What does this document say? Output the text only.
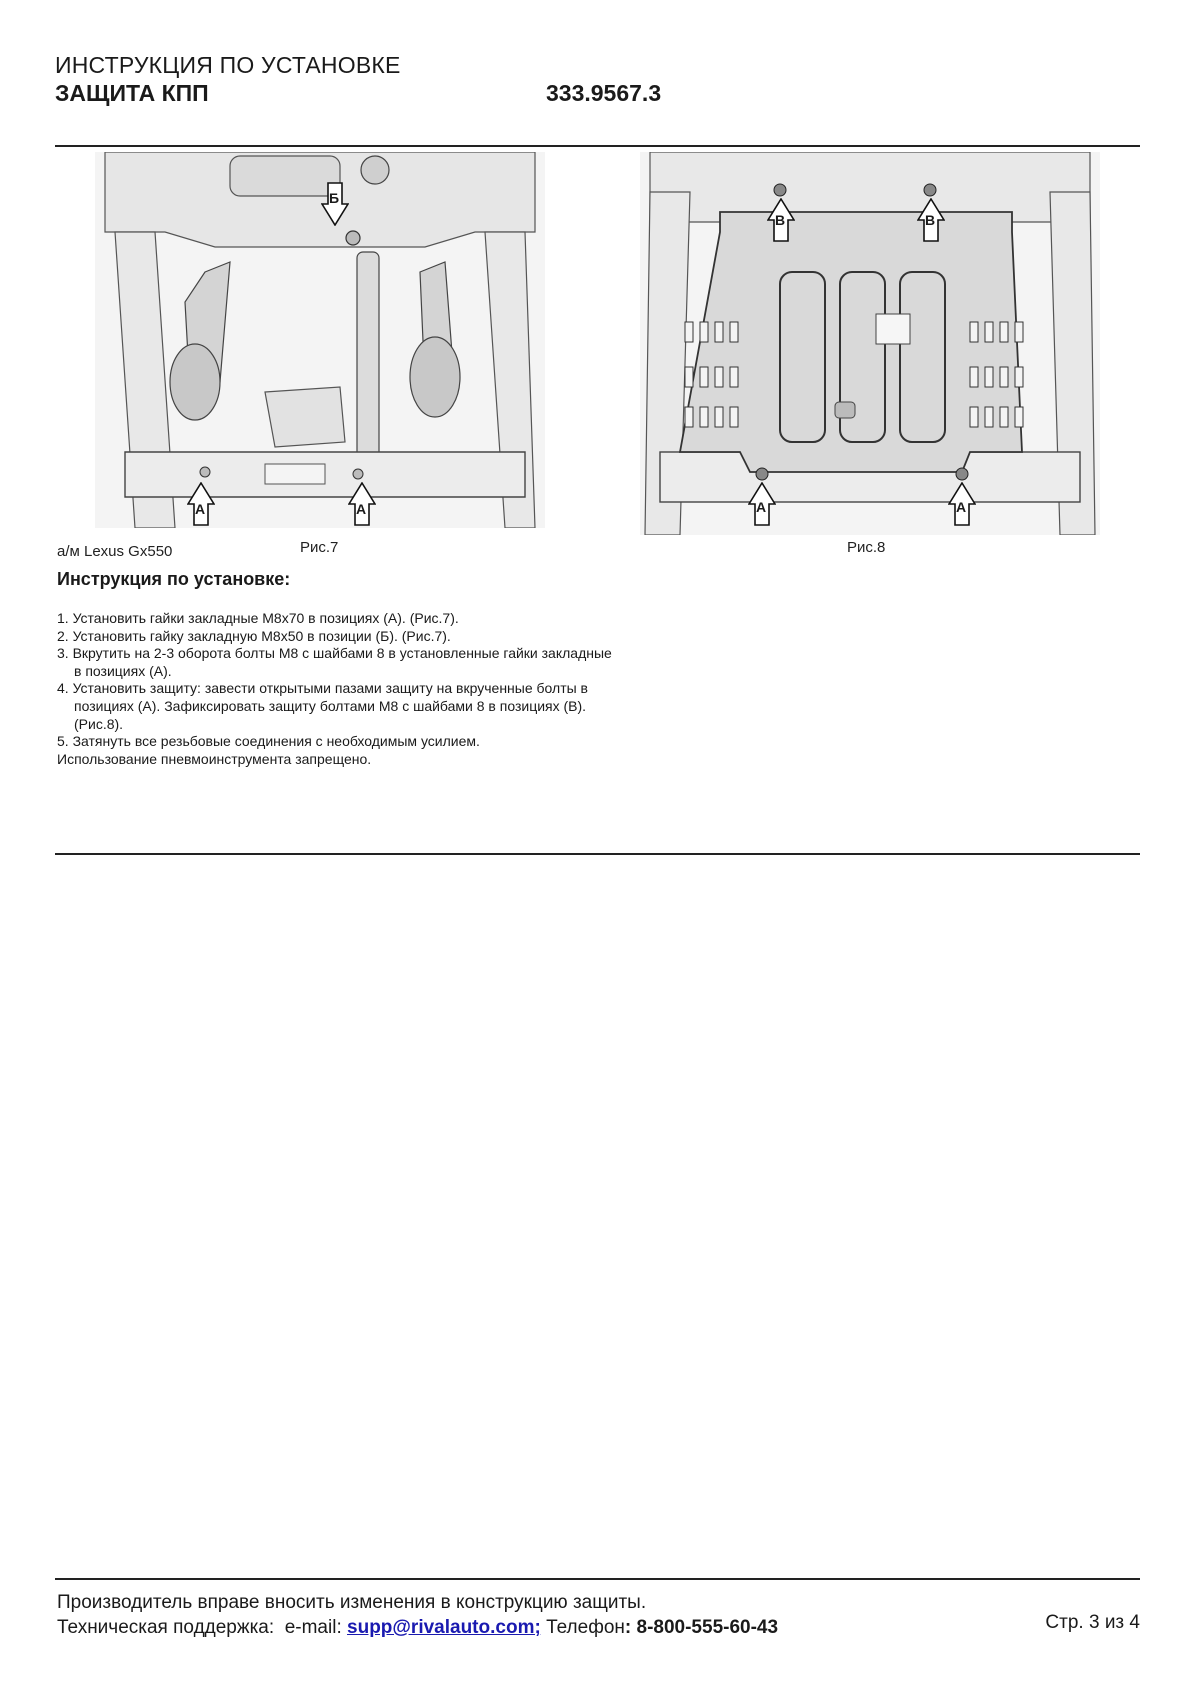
ИНСТРУКЦИЯ ПО УСТАНОВКЕ
ЗАЩИТА КПП	333.9567.3
Б
А	А
В	В
А	А
а/м Lexus Gx550	Рис.7	Рис.8
Инструкция по установке:
1. Установить гайки закладные М8х70 в позициях (А). (Рис.7).
2. Установить гайку закладную М8х50 в позиции (Б). (Рис.7).
3. Вкрутить на 2-3 оборота болты М8 с шайбами 8 в установленные гайки закладные в позициях (А).
4. Установить защиту: завести открытыми пазами защиту на вкрученные болты в позициях (А). Зафиксировать защиту болтами М8 с шайбами 8 в позициях (В). (Рис.8).
5. Затянуть все резьбовые соединения с необходимым усилием.
Использование пневмоинструмента запрещено.
Производитель вправе вносить изменения в конструкцию защиты.
Техническая поддержка:  e-mail: supp@rivalauto.com; Телефон: 8-800-555-60-43	Стр. 3 из 4
